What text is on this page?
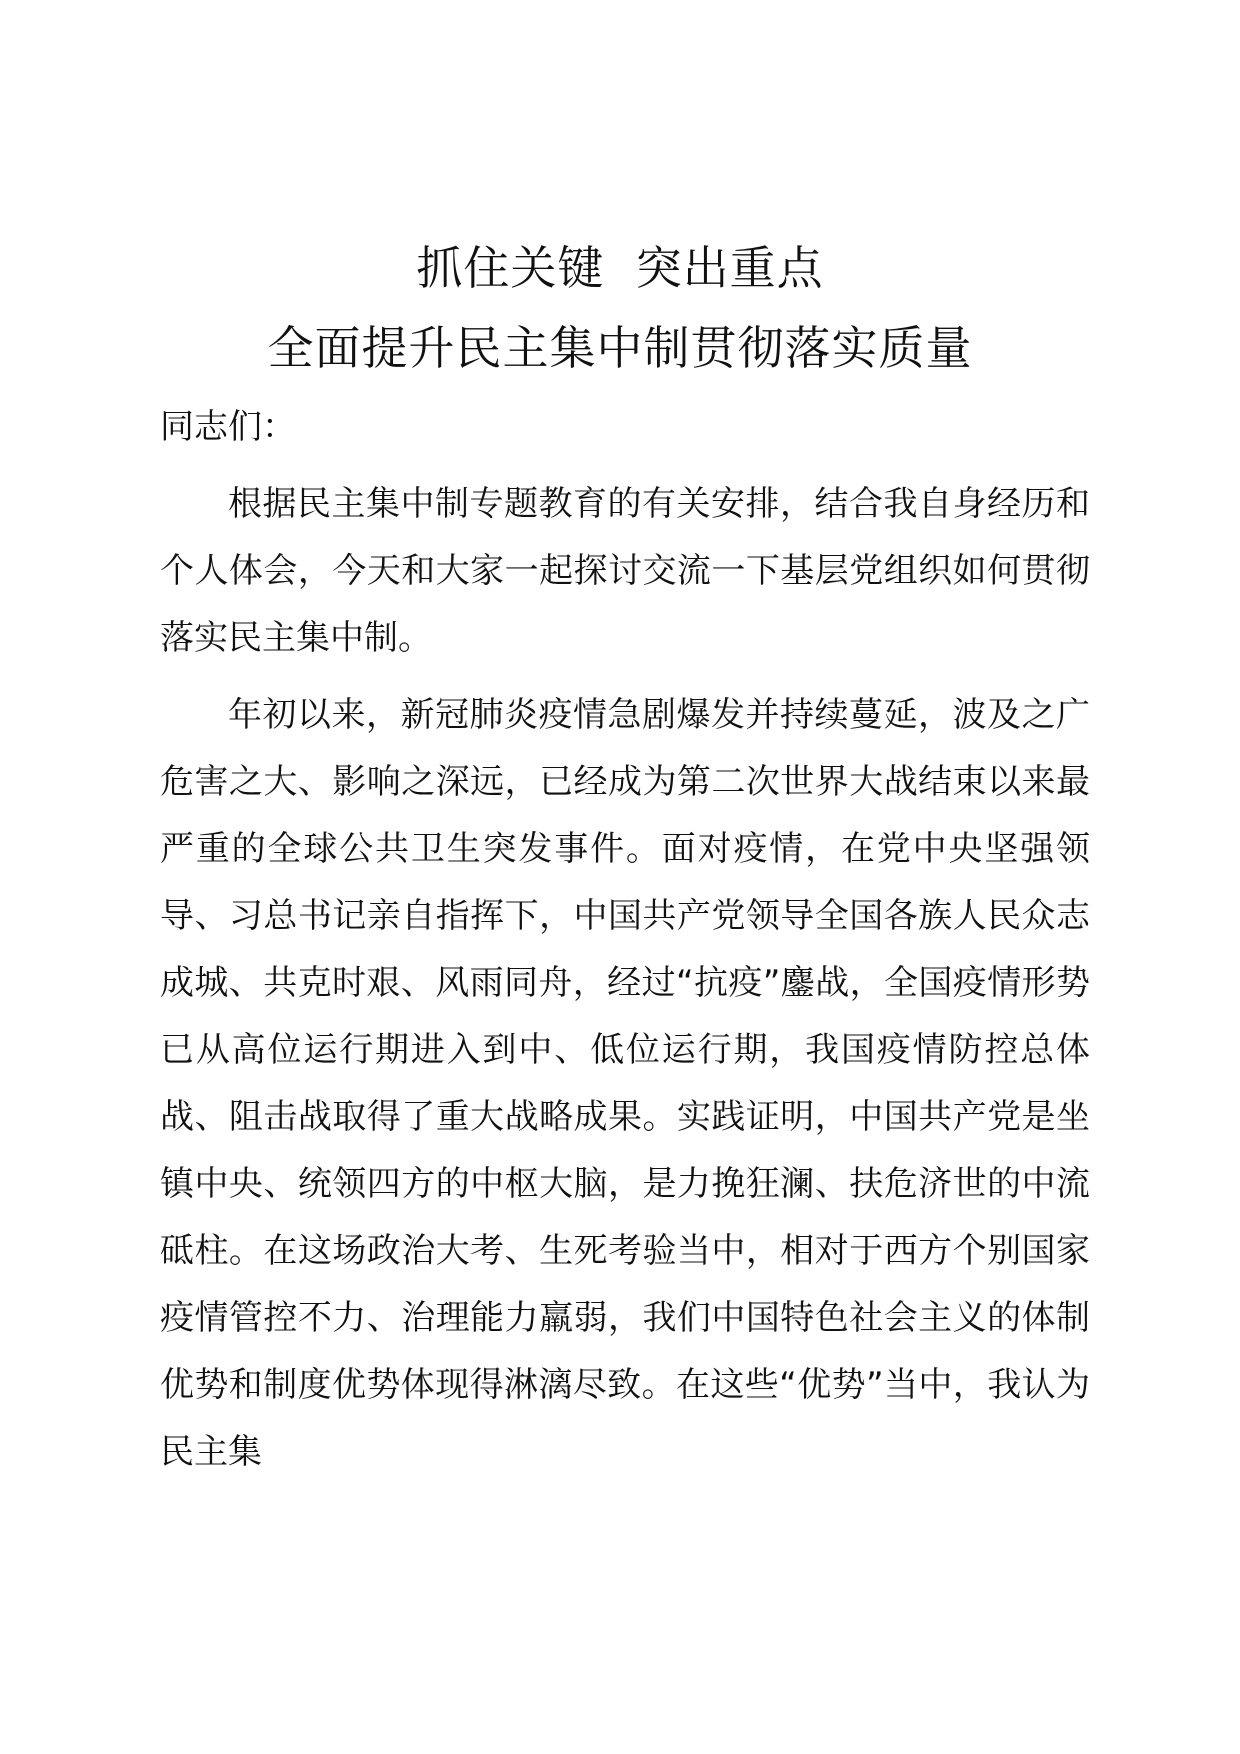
抓住关键  突出重点
全面提升民主集中制贯彻落实质量

同志们：

根据民主集中制专题教育的有关安排，结合我自身经历和个人体会，今天和大家一起探讨交流一下基层党组织如何贯彻落实民主集中制。

年初以来，新冠肺炎疫情急剧爆发并持续蔓延，波及之广危害之大、影响之深远，已经成为第二次世界大战结束以来最严重的全球公共卫生突发事件。面对疫情，在党中央坚强领导、习总书记亲自指挥下，中国共产党领导全国各族人民众志成城、共克时艰、风雨同舟，经过“抗疫”鏖战，全国疫情形势已从高位运行期进入到中、低位运行期，我国疫情防控总体战、阻击战取得了重大战略成果。实践证明，中国共产党是坐镇中央、统领四方的中枢大脑，是力挽狂澜、扶危济世的中流砥柱。在这场政治大考、生死考验当中，相对于西方个别国家疫情管控不力、治理能力羸弱，我们中国特色社会主义的体制优势和制度优势体现得淋漓尽致。在这些“优势”当中，我认为民主集
